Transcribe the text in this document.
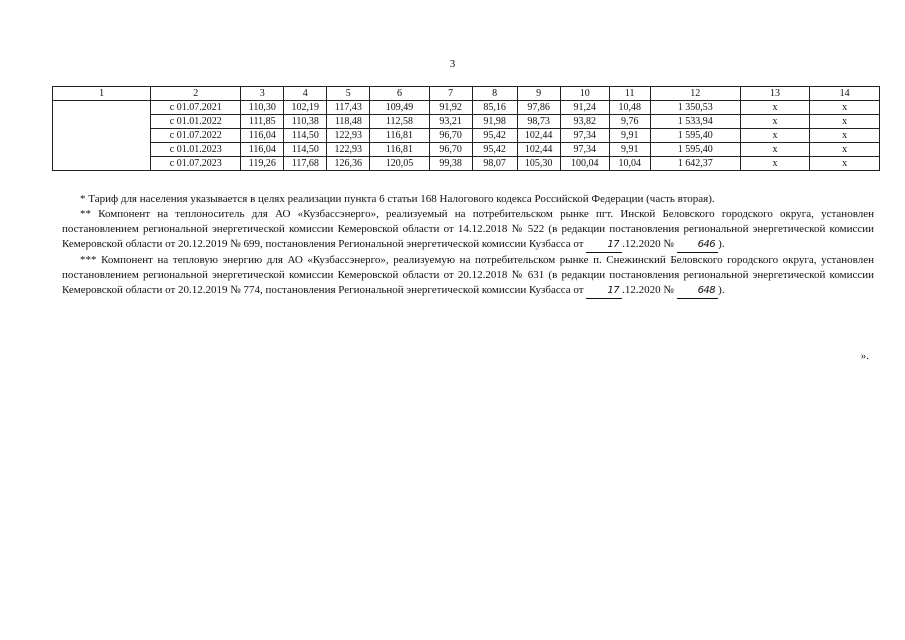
3
1	2	3	4	5	6	7	8	9	10	11	12	13	14
	с 01.07.2021	110,30	102,19	117,43	109,49	91,92	85,16	97,86	91,24	10,48	1 350,53	х	х
	с 01.01.2022	111,85	110,38	118,48	112,58	93,21	91,98	98,73	93,82	9,76	1 533,94	х	х
	с 01.07.2022	116,04	114,50	122,93	116,81	96,70	95,42	102,44	97,34	9,91	1 595,40	х	х
	с 01.01.2023	116,04	114,50	122,93	116,81	96,70	95,42	102,44	97,34	9,91	1 595,40	х	х
	с 01.07.2023	119,26	117,68	126,36	120,05	99,38	98,07	105,30	100,04	10,04	1 642,37	х	х

* Тариф для населения указывается в целях реализации пункта 6 статьи 168 Налогового кодекса Российской Федерации (часть вторая).

** Компонент на теплоноситель для АО «Кузбассэнерго», реализуемый на потребительском рынке пгт. Инской Беловского городского округа, установлен постановлением региональной энергетической комиссии Кемеровской области от 14.12.2018 № 522 (в редакции постановления региональной энергетической комиссии Кемеровской области от 20.12.2019 № 699, постановления Региональной энергетической комиссии Кузбасса от 17 .12.2020 № 646 ).

*** Компонент на тепловую энергию для АО «Кузбассэнерго», реализуемую на потребительском рынке п. Снежинский Беловского городского округа, установлен постановлением региональной энергетической комиссии Кемеровской области от 20.12.2018 № 631 (в редакции постановления региональной энергетической комиссии Кемеровской области от 20.12.2019 № 774, постановления Региональной энергетической комиссии Кузбасса от 17 .12.2020 № 648 ).

».
